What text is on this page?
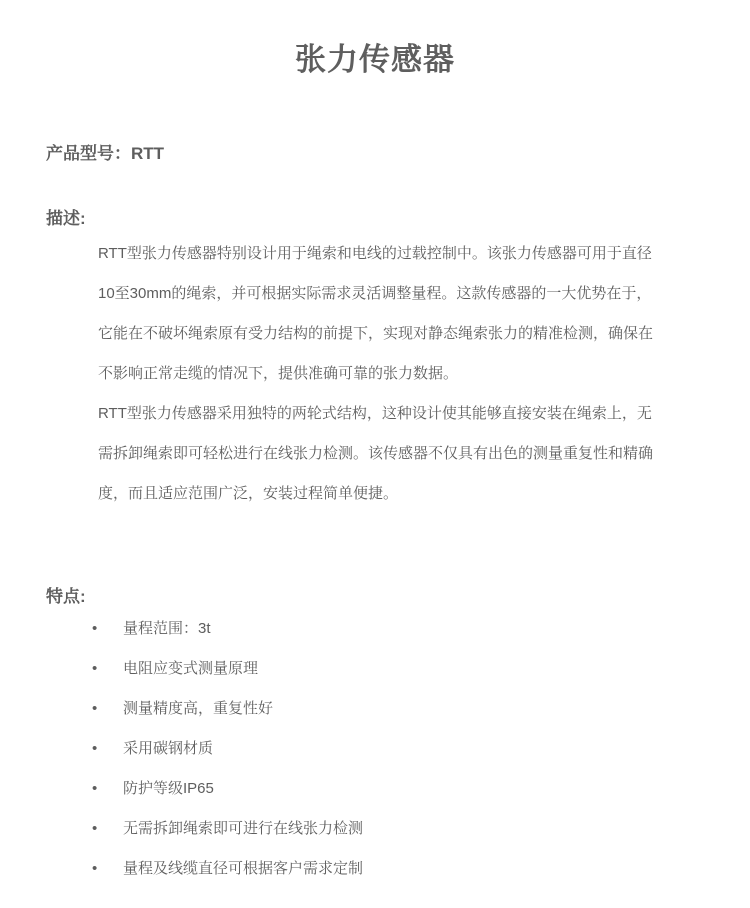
张力传感器
产品型号：RTT
描述:
RTT型张力传感器特别设计用于绳索和电线的过载控制中。该张力传感器可用于直径
10至30mm的绳索，并可根据实际需求灵活调整量程。这款传感器的一大优势在于，
它能在不破坏绳索原有受力结构的前提下，实现对静态绳索张力的精准检测，确保在
不影响正常走缆的情况下，提供准确可靠的张力数据。
RTT型张力传感器采用独特的两轮式结构，这种设计使其能够直接安装在绳索上，无
需拆卸绳索即可轻松进行在线张力检测。该传感器不仅具有出色的测量重复性和精确
度，而且适应范围广泛，安装过程简单便捷。
特点:
•	量程范围：3t
•	电阻应变式测量原理
•	测量精度高，重复性好
•	采用碳钢材质
•	防护等级IP65
•	无需拆卸绳索即可进行在线张力检测
•	量程及线缆直径可根据客户需求定制
